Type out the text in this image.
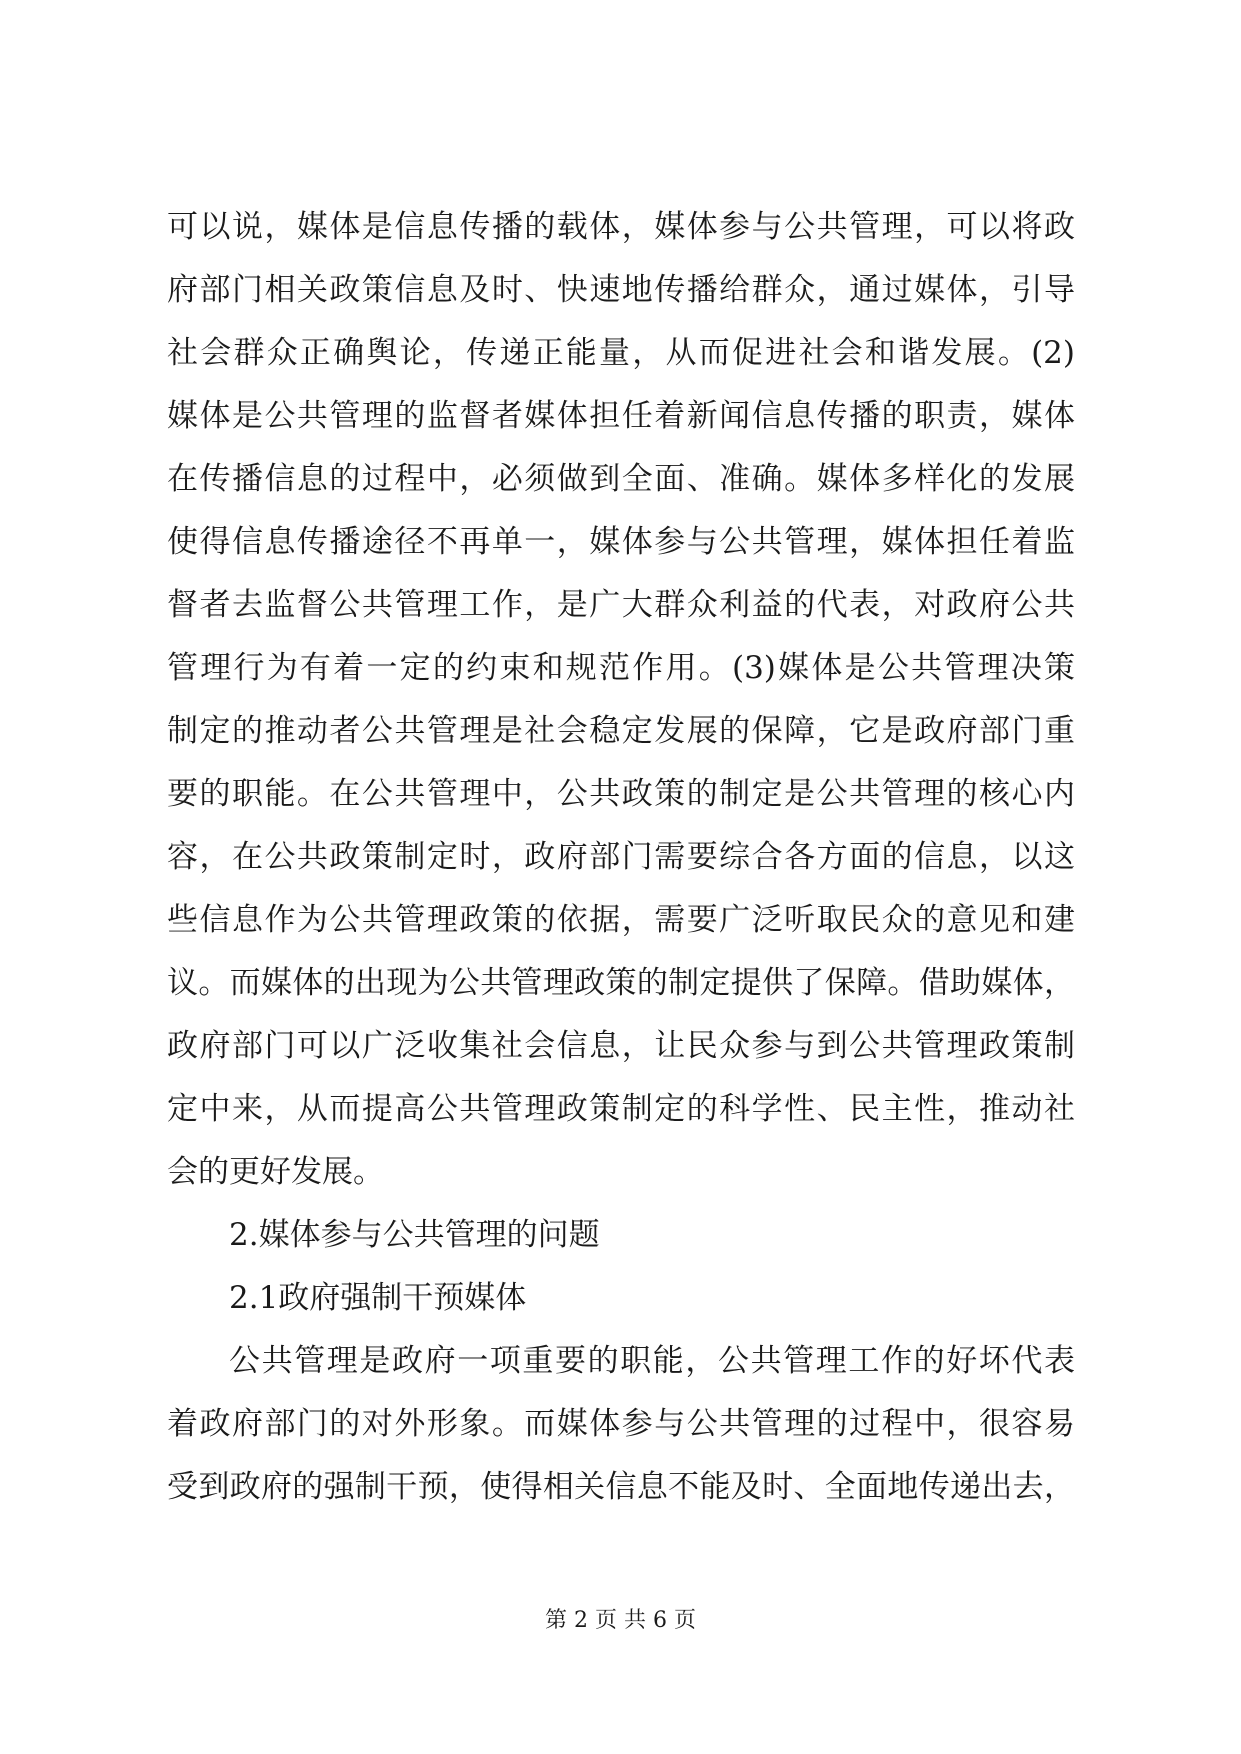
可以说，媒体是信息传播的载体，媒体参与公共管理，可以将政
府部门相关政策信息及时、快速地传播给群众，通过媒体，引导
社会群众正确舆论，传递正能量，从而促进社会和谐发展。(2)
媒体是公共管理的监督者媒体担任着新闻信息传播的职责，媒体
在传播信息的过程中，必须做到全面、准确。媒体多样化的发展
使得信息传播途径不再单一，媒体参与公共管理，媒体担任着监
督者去监督公共管理工作，是广大群众利益的代表，对政府公共
管理行为有着一定的约束和规范作用。(3)媒体是公共管理决策
制定的推动者公共管理是社会稳定发展的保障，它是政府部门重
要的职能。在公共管理中，公共政策的制定是公共管理的核心内
容，在公共政策制定时，政府部门需要综合各方面的信息，以这
些信息作为公共管理政策的依据，需要广泛听取民众的意见和建
议。而媒体的出现为公共管理政策的制定提供了保障。借助媒体，
政府部门可以广泛收集社会信息，让民众参与到公共管理政策制
定中来，从而提高公共管理政策制定的科学性、民主性，推动社
会的更好发展。
2.媒体参与公共管理的问题
2.1政府强制干预媒体
公共管理是政府一项重要的职能，公共管理工作的好坏代表
着政府部门的对外形象。而媒体参与公共管理的过程中，很容易
受到政府的强制干预，使得相关信息不能及时、全面地传递出去，
第 2 页 共 6 页
